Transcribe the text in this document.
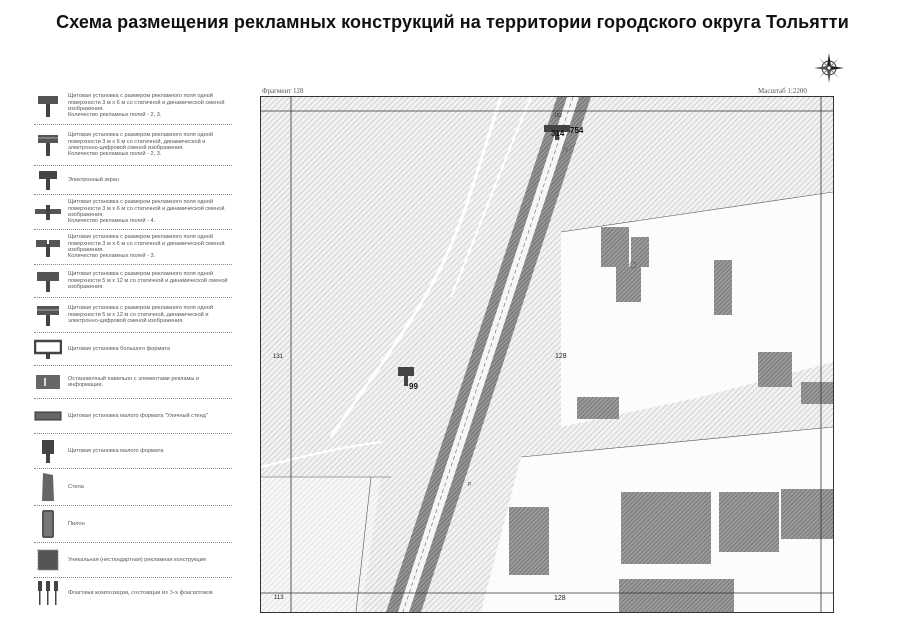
Схема размещения рекламных конструкций на территории городского округа Тольятти
Щитовая установка с размером рекламного поля одной поверхности 3 м х 6 м со статичной и динамической сменой изображения.
Количество рекламных полей - 2, 3.
Щитовая установка с размером рекламного поля одной поверхности 3 м х 6 м со статичной, динамической и электронно-цифровой сменой изображения.
Количество рекламных полей - 2, 3.
Электронный экран
Щитовая установка с размером рекламного поля одной поверхности 3 м х 6 м со статичной и динамической сменой изображения.
Количество рекламных полей - 4.
Щитовая установка с размером рекламного поля одной поверхности 3 м х 6 м со статичной и динамической сменой изображения.
Количество рекламных полей - 3.
Щитовая установка с размером рекламного поля одной поверхности 5 м х 12 м со статичной и динамической сменой изображения.
Щитовая установка с размером рекламного поля одной поверхности 5 м х 12 м со статичной, динамической и электронно-цифровой сменой изображения.
Щитовая установка большого формата
Остановочный павильон с элементами рекламы и информации.
Щитовая установка малого формата "Уличный стенд"
Щитовая установка малого формата
Стела
Пилон
Уникальная (нестандартная) рекламная конструкция
Флаговая композиция, состоящая из 3-х флагштоков
Фрагмент 128	Масштаб 1:2200
314 754
99
152
128
128
131
113
Р
